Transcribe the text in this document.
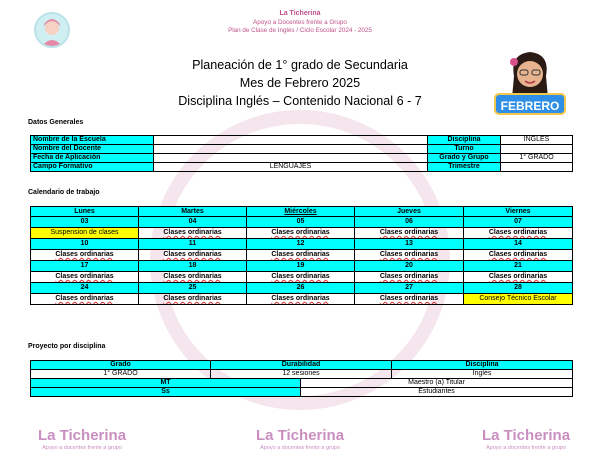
La Ticherina
Apoyo a Docentes frente a Grupo
Plan de Clase de Inglés / Ciclo Escolar 2024 - 2025
Planeación de 1° grado de Secundaria
Mes de Febrero 2025
Disciplina Inglés – Contenido Nacional 6 - 7	FEBRERO
Datos Generales
Nombre de la Escuela		Disciplina	INGLÉS
Nombre del Docente		Turno	
Fecha de Aplicación		Grado y Grupo	1° GRADO
Campo Formativo	LENGUAJES	Trimestre	
Calendario de trabajo
Lunes	Martes	Miércoles	Jueves	Viernes
03	04	05	06	07
Suspension de clases	Clases ordinarias	Clases ordinarias	Clases ordinarias	Clases ordinarias
10	11	12	13	14
Clases ordinarias	Clases ordinarias	Clases ordinarias	Clases ordinarias	Clases ordinarias
17	18	19	20	21
Clases ordinarias	Clases ordinarias	Clases ordinarias	Clases ordinarias	Clases ordinarias
24	25	26	27	28
Clases ordinarias	Clases ordinarias	Clases ordinarias	Clases ordinarias	Consejo Técnico Escolar
Proyecto por disciplina
Grado	Durabilidad		Disciplina
1° GRADO	12 sesiones		Inglés
MT		Maestro (a) Titular	
Ss		Estudiantes	
La Ticherina
Apoyo a docentes frente a grupo
La Ticherina
Apoyo a docentes frente a grupo
La Ticherina
Apoyo a docentes frente a grupo
